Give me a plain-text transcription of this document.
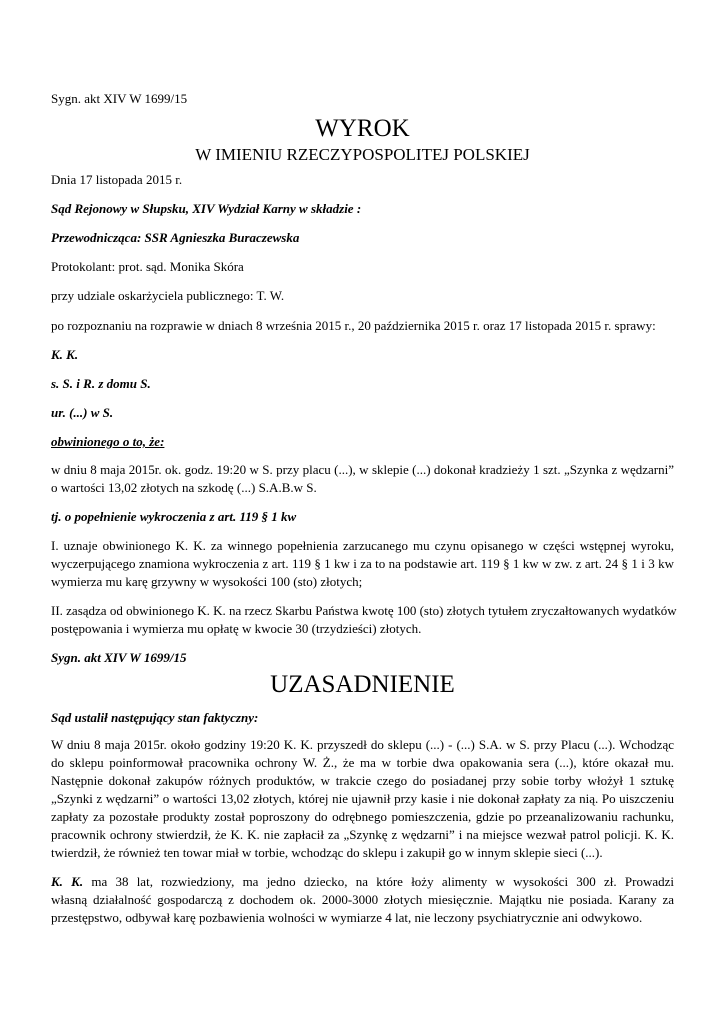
Sygn. akt XIV W 1699/15
WYROK
W IMIENIU RZECZYPOSPOLITEJ POLSKIEJ
Dnia 17 listopada 2015 r.
Sąd Rejonowy w Słupsku, XIV Wydział Karny w składzie :
Przewodnicząca: SSR Agnieszka Buraczewska
Protokolant: prot. sąd. Monika Skóra
przy udziale oskarżyciela publicznego: T. W.
po rozpoznaniu na rozprawie w dniach 8 września 2015 r., 20 października 2015 r. oraz 17 listopada 2015 r. sprawy:
K. K.
s. S. i R. z domu S.
ur. (...) w S.
obwinionego o to, że:
w dniu 8 maja 2015r. ok. godz. 19:20 w S. przy placu (...), w sklepie (...) dokonał kradzieży 1 szt. „Szynka z wędzarni”
o wartości 13,02 złotych na szkodę (...) S.A.B.w S.
tj. o popełnienie wykroczenia z art. 119 § 1 kw
I. uznaje obwinionego K. K. za winnego popełnienia zarzucanego mu czynu opisanego w części wstępnej wyroku,
wyczerpującego znamiona wykroczenia z art. 119 § 1 kw i za to na podstawie art. 119 § 1 kw w zw. z art. 24 § 1 i 3 kw
wymierza mu karę grzywny w wysokości 100 (sto) złotych;
II. zasądza od obwinionego K. K. na rzecz Skarbu Państwa kwotę 100 (sto) złotych tytułem zryczałtowanych wydatków
postępowania i wymierza mu opłatę w kwocie 30 (trzydzieści) złotych.
Sygn. akt XIV W 1699/15
UZASADNIENIE
Sąd ustalił następujący stan faktyczny:
W dniu 8 maja 2015r. około godziny 19:20 K. K. przyszedł do sklepu (...) - (...) S.A. w S. przy Placu (...). Wchodząc
do sklepu poinformował pracownika ochrony W. Ż., że ma w torbie dwa opakowania sera (...), które okazał mu.
Następnie dokonał zakupów różnych produktów, w trakcie czego do posiadanej przy sobie torby włożył 1 sztukę
„Szynki z wędzarni” o wartości 13,02 złotych, której nie ujawnił przy kasie i nie dokonał zapłaty za nią. Po uiszczeniu
zapłaty za pozostałe produkty został poproszony do odrębnego pomieszczenia, gdzie po przeanalizowaniu rachunku,
pracownik ochrony stwierdził, że K. K. nie zapłacił za „Szynkę z wędzarni” i na miejsce wezwał patrol policji. K. K.
twierdził, że również ten towar miał w torbie, wchodząc do sklepu i zakupił go w innym sklepie sieci (...).
K. K. ma 38 lat, rozwiedziony, ma jedno dziecko, na które łoży alimenty w wysokości 300 zł. Prowadzi
własną działalność gospodarczą z dochodem ok. 2000-3000 złotych miesięcznie. Majątku nie posiada. Karany za
przestępstwo, odbywał karę pozbawienia wolności w wymiarze 4 lat, nie leczony psychiatrycznie ani odwykowo.
